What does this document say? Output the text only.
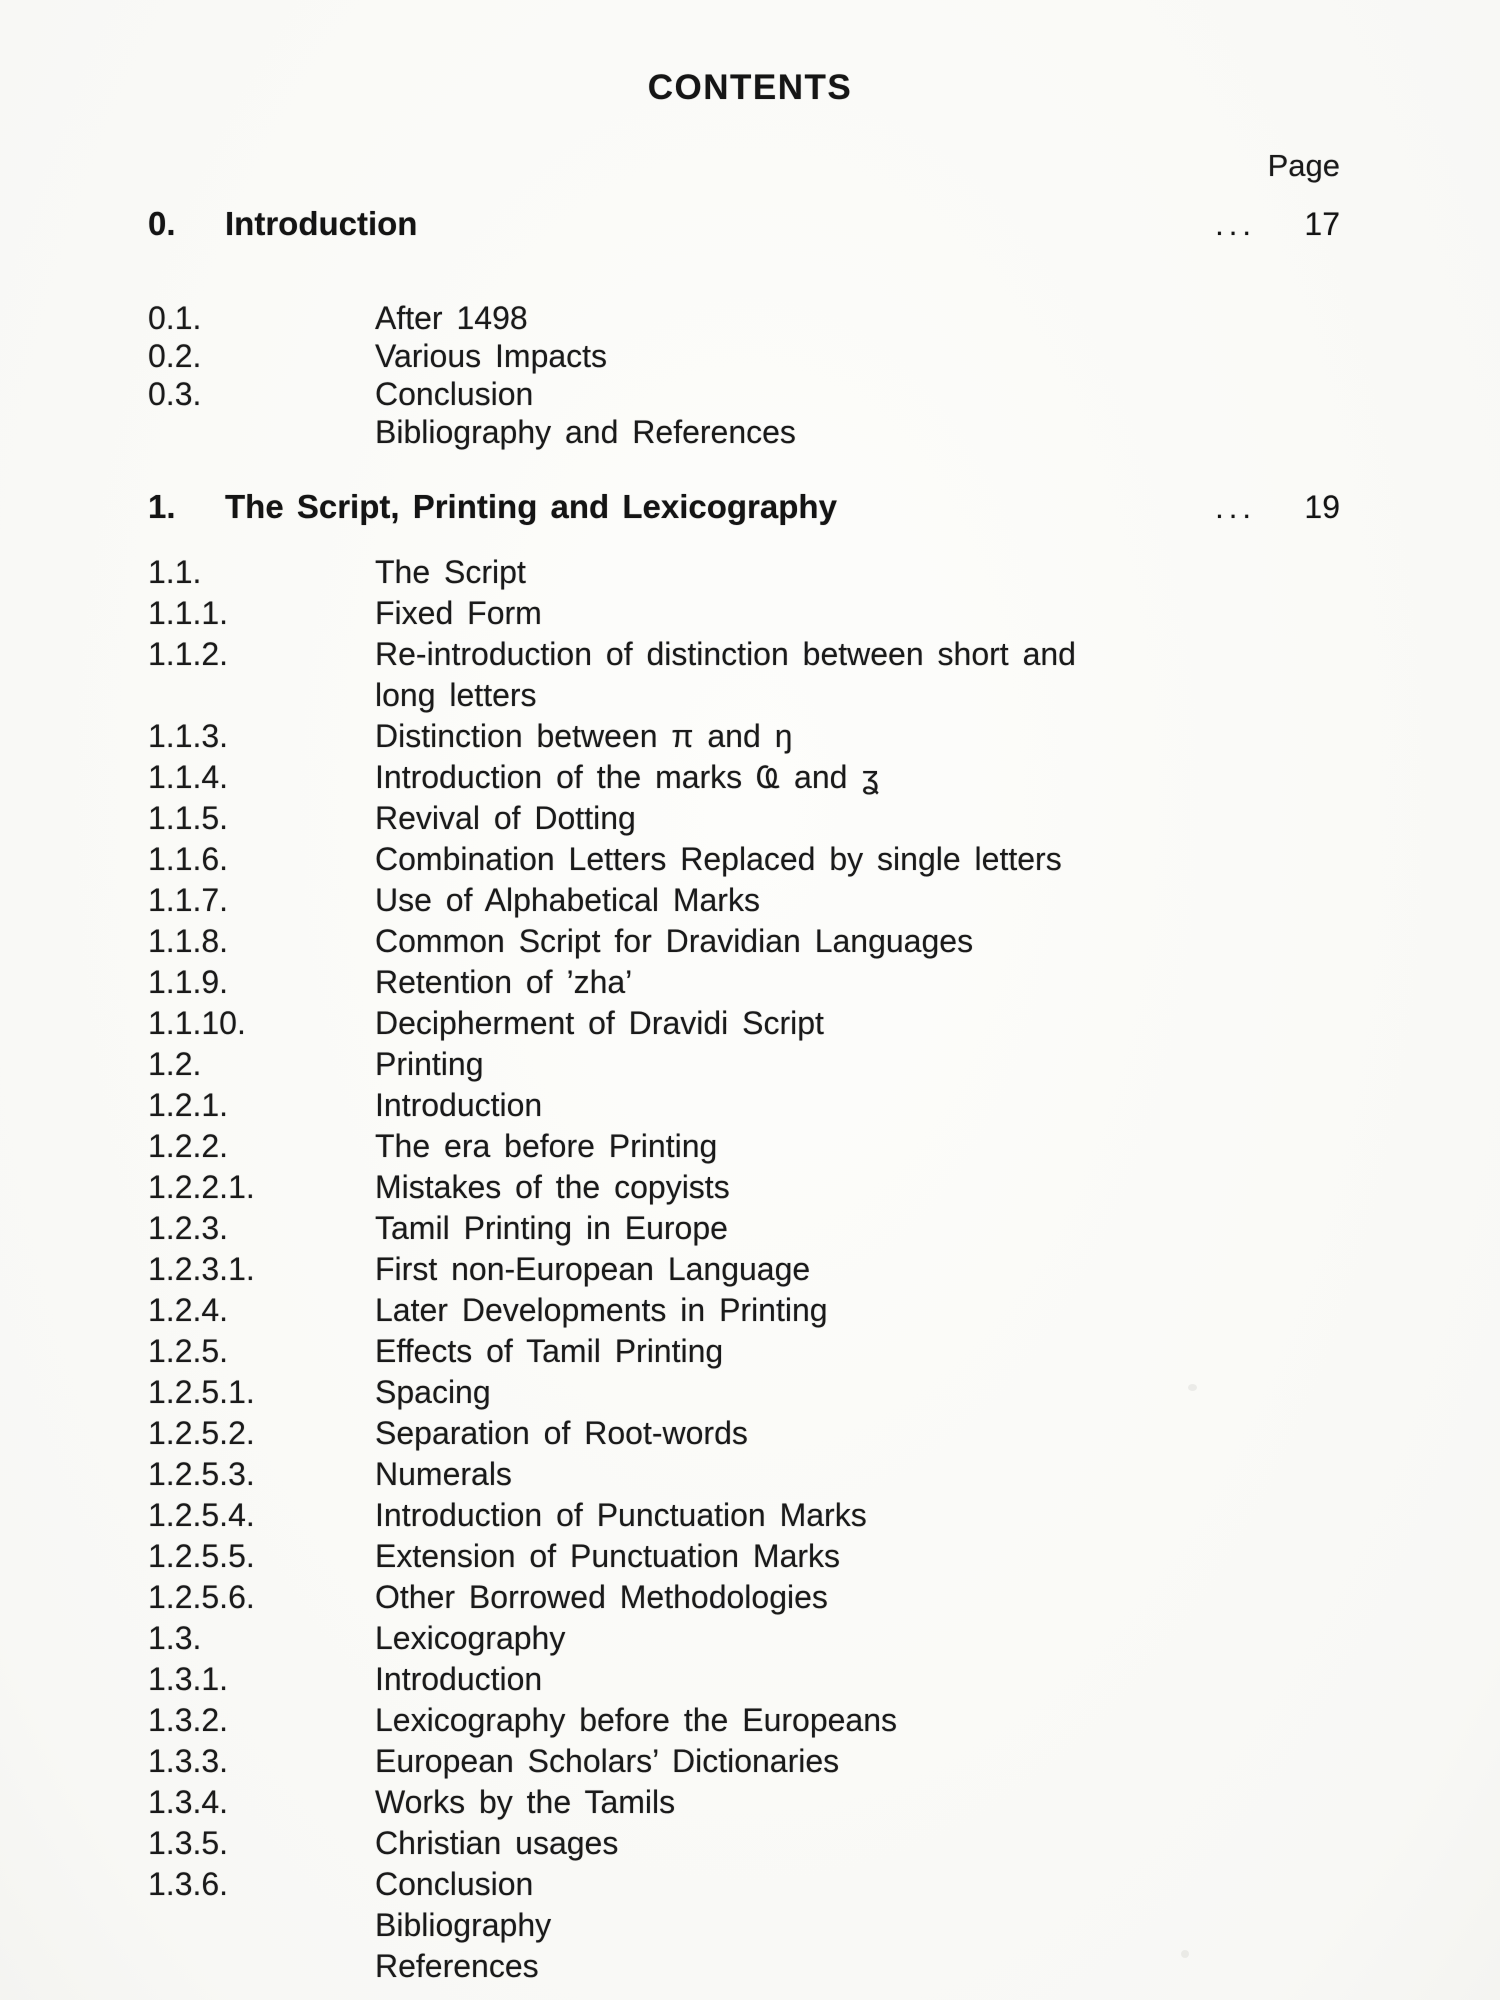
CONTENTS
Page
0.	Introduction	...	17
0.1.	After 1498
0.2.	Various Impacts
0.3.	Conclusion
Bibliography and References
1.	The Script, Printing and Lexicography	...	19
1.1.	The Script
1.1.1.	Fixed Form
1.1.2.	Re-introduction of distinction between short and long letters
1.1.3.	Distinction between π and ŋ
1.1.4.	Introduction of the marks Ҩ and ʓ
1.1.5.	Revival of Dotting
1.1.6.	Combination Letters Replaced by single letters
1.1.7.	Use of Alphabetical Marks
1.1.8.	Common Script for Dravidian Languages
1.1.9.	Retention of ’zha’
1.1.10.	Decipherment of Dravidi Script
1.2.	Printing
1.2.1.	Introduction
1.2.2.	The era before Printing
1.2.2.1.	Mistakes of the copyists
1.2.3.	Tamil Printing in Europe
1.2.3.1.	First non-European Language
1.2.4.	Later Developments in Printing
1.2.5.	Effects of Tamil Printing
1.2.5.1.	Spacing
1.2.5.2.	Separation of Root-words
1.2.5.3.	Numerals
1.2.5.4.	Introduction of Punctuation Marks
1.2.5.5.	Extension of Punctuation Marks
1.2.5.6.	Other Borrowed Methodologies
1.3.	Lexicography
1.3.1.	Introduction
1.3.2.	Lexicography before the Europeans
1.3.3.	European Scholars’ Dictionaries
1.3.4.	Works by the Tamils
1.3.5.	Christian usages
1.3.6.	Conclusion
Bibliography
References
